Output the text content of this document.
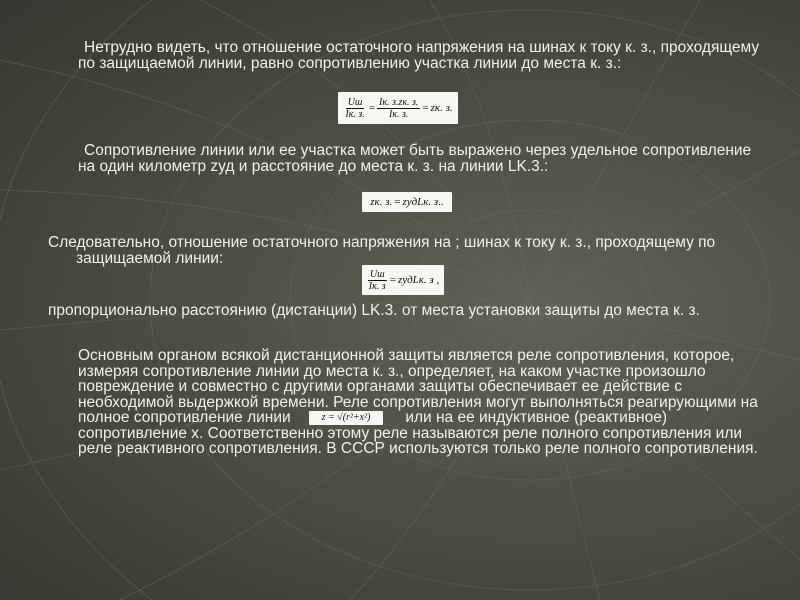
Нетрудно видеть, что отношение остаточного напряжения на шинах к току к. з., проходящему по защищаемой линии, равно сопротивлению участка линии до места к. з.:

$\frac{Uш}{Iк. з.} = \frac{Iк. з.zк. з.}{Iк. з.}$ = zк. з.

Сопротивление линии или ее участка может быть выражено через удельное сопротивление на один километр zуд и расстояние до места к. з. на линии LK.3.:

zк. з. = zудLк. з..

Следовательно, отношение остаточного напряжения на ; шинах к току к. з., проходящему по защищаемой линии:

$\frac{Uш}{Iк. з}$ = zудLк. з ,

пропорционально расстоянию (дистанции) LK.3. от места установки защиты до места к. з.

Основным органом всякой дистанционной защиты является реле сопротивления, которое, измеряя сопротивление линии до места к. з., определяет, на каком участке произошло повреждение и совместно с другими органами защиты обеспечивает ее действие с необходимой выдержкой времени. Реле сопротивления могут выполняться реагирующими на полное сопротивление линии	z = √(r²+x²) или на ее индуктивное (реактивное) сопротивление x. Соответственно этому реле называются реле полного сопротивления или реле реактивного сопротивления. В СССР используются только реле полного сопротивления.
